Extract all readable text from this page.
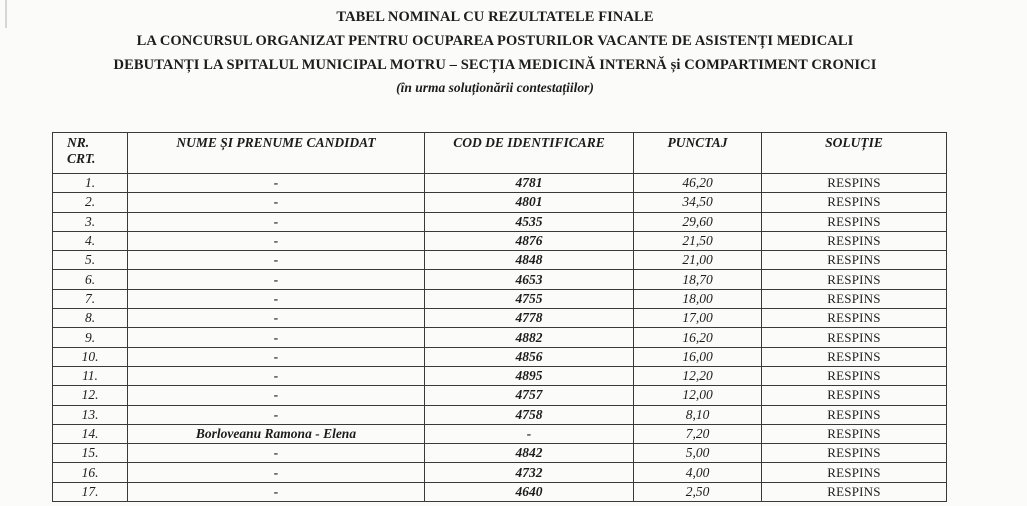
TABEL NOMINAL CU REZULTATELE FINALE
LA CONCURSUL ORGANIZAT PENTRU OCUPAREA POSTURILOR VACANTE DE ASISTENȚI MEDICALI
DEBUTANȚI LA SPITALUL MUNICIPAL MOTRU – SECȚIA MEDICINĂ INTERNĂ și COMPARTIMENT CRONICI
(în urma soluționării contestațiilor)
NR.
CRT.	NUME ȘI PRENUME CANDIDAT	COD DE IDENTIFICARE	PUNCTAJ	SOLUȚIE
1.	-	4781	46,20	RESPINS
2.	-	4801	34,50	RESPINS
3.	-	4535	29,60	RESPINS
4.	-	4876	21,50	RESPINS
5.	-	4848	21,00	RESPINS
6.	-	4653	18,70	RESPINS
7.	-	4755	18,00	RESPINS
8.	-	4778	17,00	RESPINS
9.	-	4882	16,20	RESPINS
10.	-	4856	16,00	RESPINS
11.	-	4895	12,20	RESPINS
12.	-	4757	12,00	RESPINS
13.	-	4758	8,10	RESPINS
14.	Borloveanu Ramona - Elena	-	7,20	RESPINS
15.	-	4842	5,00	RESPINS
16.	-	4732	4,00	RESPINS
17.	-	4640	2,50	RESPINS
